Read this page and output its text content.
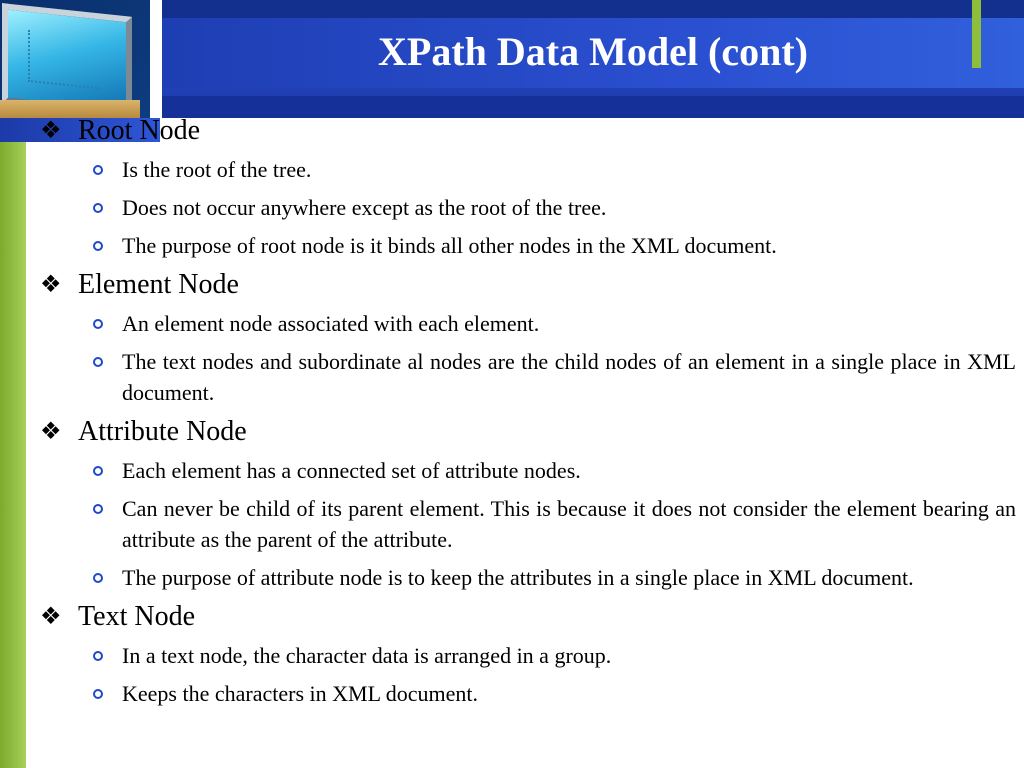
XPath Data Model (cont)
❖ Root Node
Is the root of the tree.
Does not occur anywhere except as the root of the tree.
The purpose of root node is it binds all other nodes in the XML document.
❖ Element Node
An element node associated with each element.
The text nodes and subordinate al nodes are the child nodes of an element in a single place in XML document.
❖ Attribute Node
Each element has a connected set of attribute nodes.
Can never be child of its parent element. This is because it does not consider the element bearing an attribute as the parent of the attribute.
The purpose of attribute node is to keep the attributes in a single place in XML document.
❖ Text Node
In a text node, the character data is arranged in a group.
Keeps the characters in XML document.
